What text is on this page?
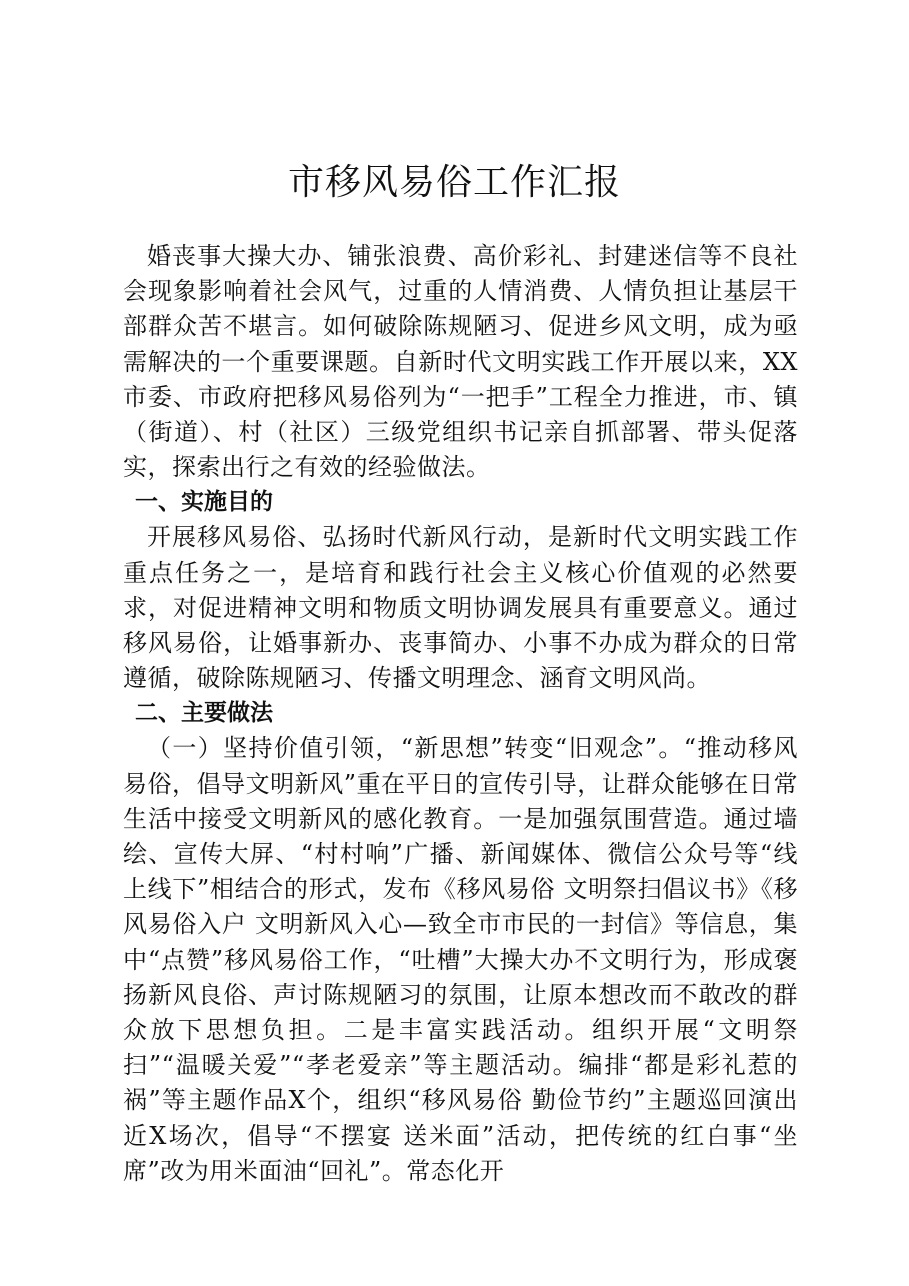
市移风易俗工作汇报

婚丧事大操大办、铺张浪费、高价彩礼、封建迷信等不良社会现象影响着社会风气，过重的人情消费、人情负担让基层干部群众苦不堪言。如何破除陈规陋习、促进乡风文明，成为亟需解决的一个重要课题。自新时代文明实践工作开展以来，XX市委、市政府把移风易俗列为“一把手”工程全力推进，市、镇（街道）、村（社区）三级党组织书记亲自抓部署、带头促落实，探索出行之有效的经验做法。

一、实施目的

开展移风易俗、弘扬时代新风行动，是新时代文明实践工作重点任务之一，是培育和践行社会主义核心价值观的必然要求，对促进精神文明和物质文明协调发展具有重要意义。通过移风易俗，让婚事新办、丧事简办、小事不办成为群众的日常遵循，破除陈规陋习、传播文明理念、涵育文明风尚。

二、主要做法

（一）坚持价值引领，“新思想”转变“旧观念”。“推动移风易俗，倡导文明新风”重在平日的宣传引导，让群众能够在日常生活中接受文明新风的感化教育。一是加强氛围营造。通过墙绘、宣传大屏、“村村响”广播、新闻媒体、微信公众号等“线上线下”相结合的形式，发布《移风易俗 文明祭扫倡议书》《移风易俗入户 文明新风入心—致全市市民的一封信》等信息，集中“点赞”移风易俗工作，“吐槽”大操大办不文明行为，形成褒扬新风良俗、声讨陈规陋习的氛围，让原本想改而不敢改的群众放下思想负担。二是丰富实践活动。组织开展“文明祭扫”“温暖关爱”“孝老爱亲”等主题活动。编排“都是彩礼惹的祸”等主题作品X个，组织“移风易俗 勤俭节约”主题巡回演出近X场次，倡导“不摆宴 送米面”活动，把传统的红白事“坐席”改为用米面油“回礼”。常态化开
